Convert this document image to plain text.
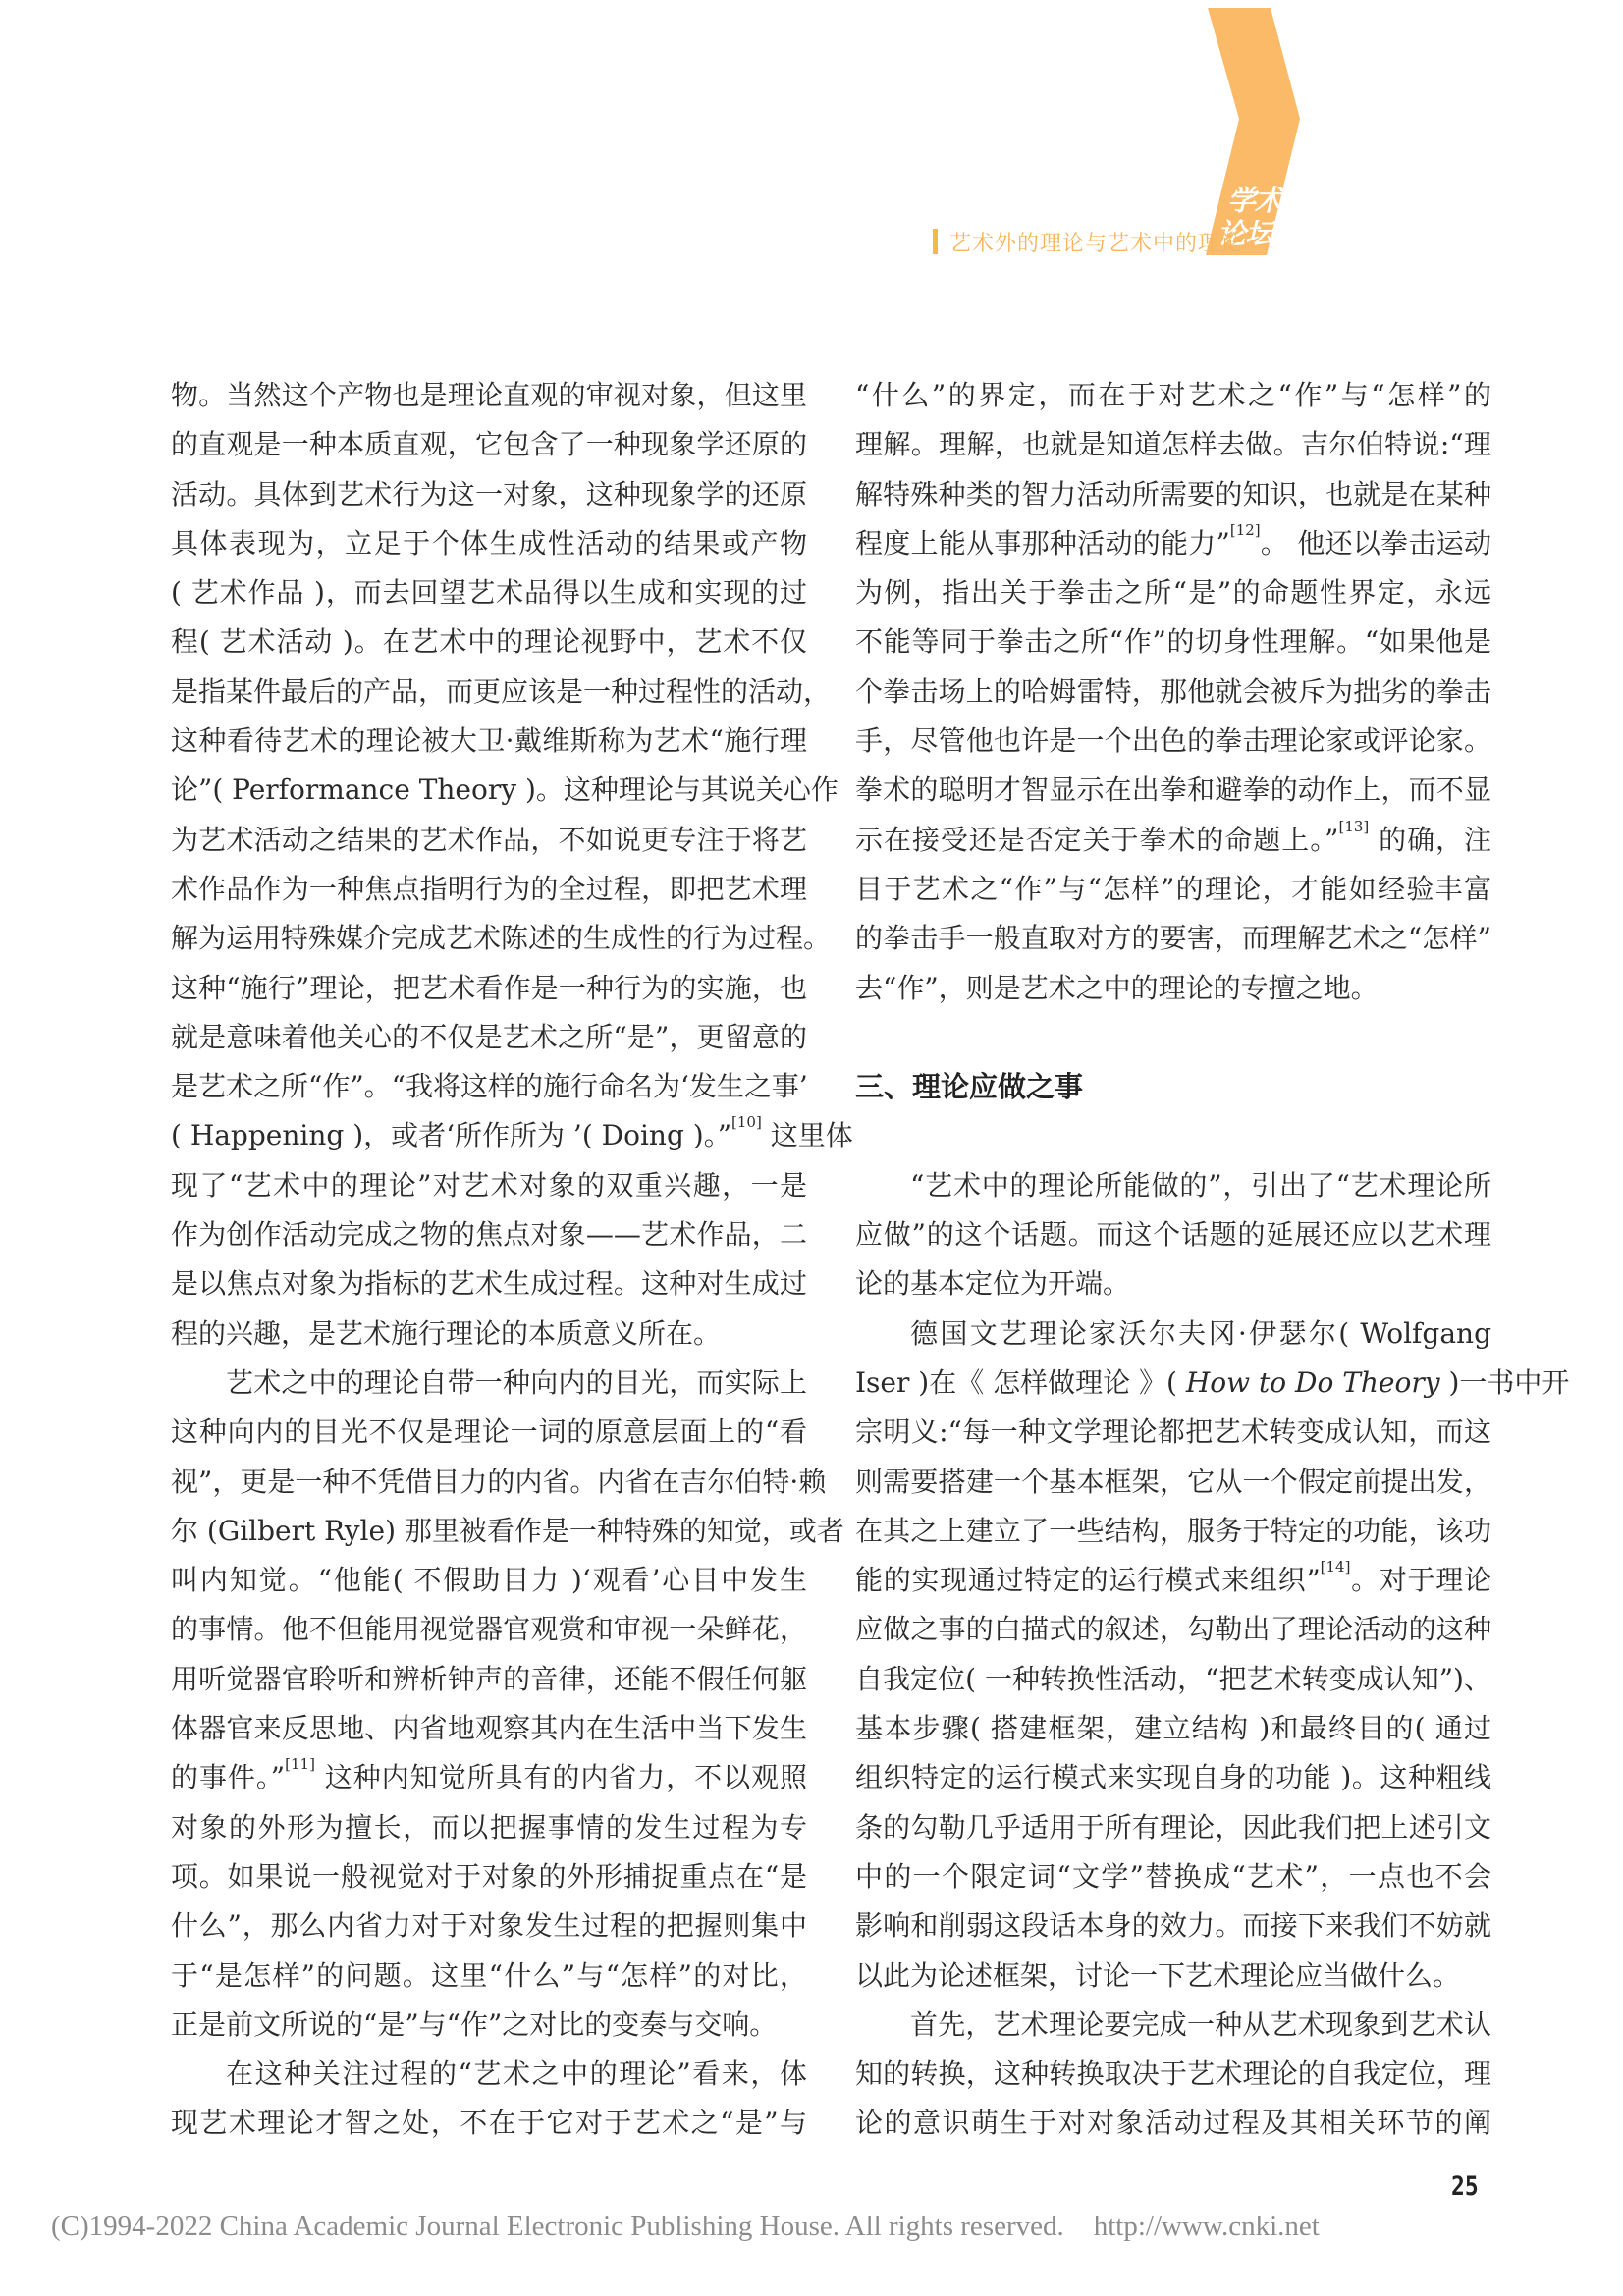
学术
论坛
艺术外的理论与艺术中的理论
物。当然这个产物也是理论直观的审视对象，但这里
的直观是一种本质直观，它包含了一种现象学还原的
活动。具体到艺术行为这一对象，这种现象学的还原
具体表现为，立足于个体生成性活动的结果或产物
( 艺术作品 )，而去回望艺术品得以生成和实现的过
程( 艺术活动 )。在艺术中的理论视野中，艺术不仅
是指某件最后的产品，而更应该是一种过程性的活动，
这种看待艺术的理论被大卫·戴维斯称为艺术“施行理
论”( Performance Theory )。这种理论与其说关心作
为艺术活动之结果的艺术作品，不如说更专注于将艺
术作品作为一种焦点指明行为的全过程，即把艺术理
解为运用特殊媒介完成艺术陈述的生成性的行为过程。
这种“施行”理论，把艺术看作是一种行为的实施，也
就是意味着他关心的不仅是艺术之所“是”，更留意的
是艺术之所“作”。“我将这样的施行命名为‘发生之事’
( Happening )，或者‘所作所为 ’( Doing )。”[10] 这里体
现了“艺术中的理论”对艺术对象的双重兴趣，一是
作为创作活动完成之物的焦点对象——艺术作品，二
是以焦点对象为指标的艺术生成过程。这种对生成过
程的兴趣，是艺术施行理论的本质意义所在。
艺术之中的理论自带一种向内的目光，而实际上
这种向内的目光不仅是理论一词的原意层面上的“看
视”，更是一种不凭借目力的内省。内省在吉尔伯特·赖
尔 (Gilbert Ryle) 那里被看作是一种特殊的知觉，或者
叫内知觉。“他能( 不假助目力 )‘观看’心目中发生
的事情。他不但能用视觉器官观赏和审视一朵鲜花，
用听觉器官聆听和辨析钟声的音律，还能不假任何躯
体器官来反思地、内省地观察其内在生活中当下发生
的事件。”[11] 这种内知觉所具有的内省力，不以观照
对象的外形为擅长，而以把握事情的发生过程为专
项。如果说一般视觉对于对象的外形捕捉重点在“是
什么”，那么内省力对于对象发生过程的把握则集中
于“是怎样”的问题。这里“什么”与“怎样”的对比，
正是前文所说的“是”与“作”之对比的变奏与交响。
在这种关注过程的“艺术之中的理论”看来，体
现艺术理论才智之处，不在于它对于艺术之“是”与
“什么”的界定，而在于对艺术之“作”与“怎样”的
理解。理解，也就是知道怎样去做。吉尔伯特说:“理
解特殊种类的智力活动所需要的知识，也就是在某种
程度上能从事那种活动的能力”[12]。 他还以拳击运动
为例，指出关于拳击之所“是”的命题性界定，永远
不能等同于拳击之所“作”的切身性理解。“如果他是
个拳击场上的哈姆雷特，那他就会被斥为拙劣的拳击
手，尽管他也许是一个出色的拳击理论家或评论家。
拳术的聪明才智显示在出拳和避拳的动作上，而不显
示在接受还是否定关于拳术的命题上。”[13] 的确，注
目于艺术之“作”与“怎样”的理论，才能如经验丰富
的拳击手一般直取对方的要害，而理解艺术之“怎样”
去“作”，则是艺术之中的理论的专擅之地。
三、理论应做之事
“艺术中的理论所能做的”，引出了“艺术理论所
应做”的这个话题。而这个话题的延展还应以艺术理
论的基本定位为开端。
德国文艺理论家沃尔夫冈·伊瑟尔( Wolfgang
Iser )在《 怎样做理论 》( How to Do Theory )一书中开
宗明义:“每一种文学理论都把艺术转变成认知，而这
则需要搭建一个基本框架，它从一个假定前提出发，
在其之上建立了一些结构，服务于特定的功能，该功
能的实现通过特定的运行模式来组织”[14]。对于理论
应做之事的白描式的叙述，勾勒出了理论活动的这种
自我定位( 一种转换性活动，“把艺术转变成认知”)、
基本步骤( 搭建框架，建立结构 )和最终目的( 通过
组织特定的运行模式来实现自身的功能 )。这种粗线
条的勾勒几乎适用于所有理论，因此我们把上述引文
中的一个限定词“文学”替换成“艺术”，一点也不会
影响和削弱这段话本身的效力。而接下来我们不妨就
以此为论述框架，讨论一下艺术理论应当做什么。
首先，艺术理论要完成一种从艺术现象到艺术认
知的转换，这种转换取决于艺术理论的自我定位，理
论的意识萌生于对对象活动过程及其相关环节的阐
25
(C)1994-2022 China Academic Journal Electronic Publishing House. All rights reserved. http://www.cnki.net
